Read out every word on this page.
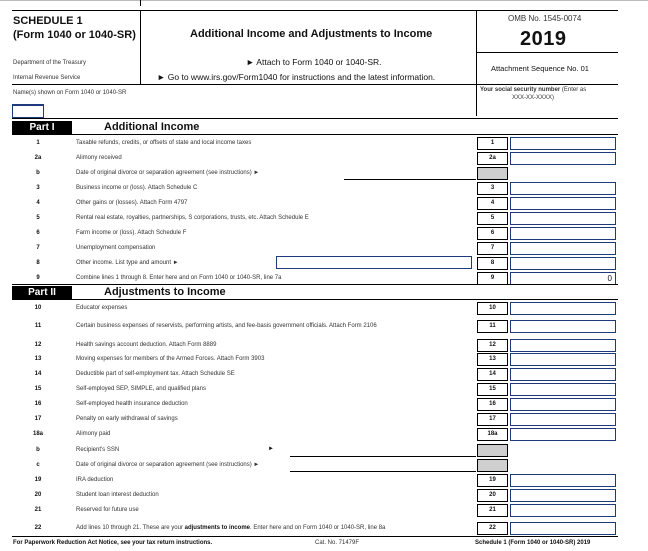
SCHEDULE 1
(Form 1040 or 1040-SR)	Additional Income and Adjustments to Income
► Attach to Form 1040 or 1040-SR.
► Go to www.irs.gov/Form1040 for instructions and the latest information.
Department of the Treasury
Internal Revenue Service
OMB No. 1545-0074
2019
Attachment Sequence No. 01
Name(s) shown on Form 1040 or 1040-SR	Your social security number (Enter as
XXX-XX-XXXX)
Part I	Additional Income
1	Taxable refunds, credits, or offsets of state and local income taxes	1
2a	Alimony received	2a
b	Date of original divorce or separation agreement (see instructions) ►
3	Business income or (loss). Attach Schedule C	3
4	Other gains or (losses). Attach Form 4797	4
5	Rental real estate, royalties, partnerships, S corporations, trusts, etc. Attach Schedule E	5
6	Farm income or (loss). Attach Schedule F	6
7	Unemployment compensation	7
8	Other income. List type and amount ►	8
9	Combine lines 1 through 8. Enter here and on Form 1040 or 1040-SR, line 7a	9	0
Part II	Adjustments to Income
10	Educator expenses	10
11	Certain business expenses of reservists, performing artists, and fee-basis government officials. Attach Form 2106	11
12	Health savings account deduction. Attach Form 8889	12
13	Moving expenses for members of the Armed Forces. Attach Form 3903	13
14	Deductible part of self-employment tax. Attach Schedule SE	14
15	Self-employed SEP, SIMPLE, and qualified plans	15
16	Self-employed health insurance deduction	16
17	Penalty on early withdrawal of savings	17
18a	Alimony paid	18a
b	Recipient's SSN	►
c	Date of original divorce or separation agreement (see instructions) ►
19	IRA deduction	19
20	Student loan interest deduction	20
21	Reserved for future use	21
22	Add lines 10 through 21. These are your adjustments to income. Enter here and on Form 1040 or 1040-SR, line 8a	22
For Paperwork Reduction Act Notice, see your tax return instructions.	Cat. No. 71479F	Schedule 1 (Form 1040 or 1040-SR) 2019
